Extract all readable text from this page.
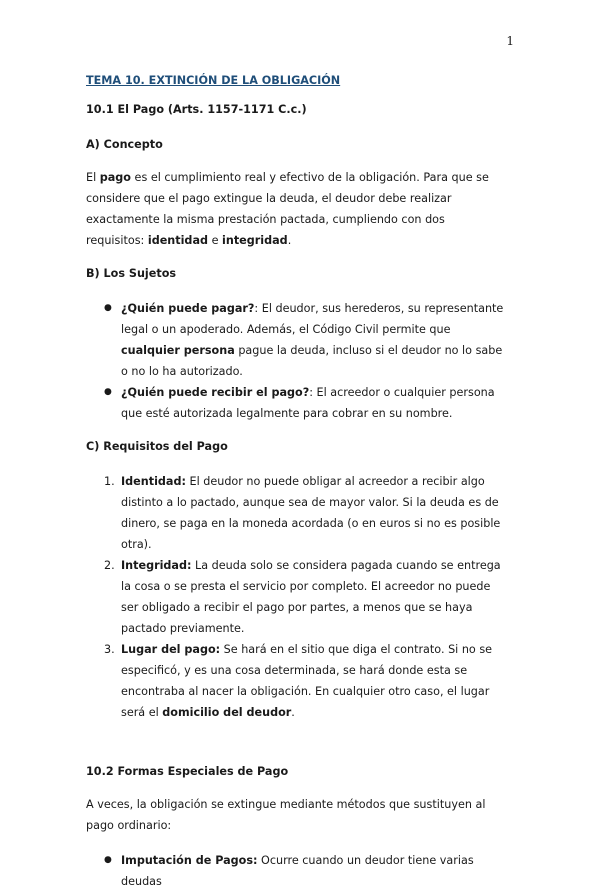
1

TEMA 10. EXTINCIÓN DE LA OBLIGACIÓN

10.1 El Pago (Arts. 1157-1171 C.c.)
A) Concepto

El pago es el cumplimiento real y efectivo de la obligación. Para que se considere que el pago extingue la deuda, el deudor debe realizar exactamente la misma prestación pactada, cumpliendo con dos requisitos: identidad e integridad.

B) Los Sujetos
● ¿Quién puede pagar?: El deudor, sus herederos, su representante legal o un apoderado. Además, el Código Civil permite que cualquier persona pague la deuda, incluso si el deudor no lo sabe o no lo ha autorizado.
● ¿Quién puede recibir el pago?: El acreedor o cualquier persona que esté autorizada legalmente para cobrar en su nombre.
C) Requisitos del Pago
1. Identidad: El deudor no puede obligar al acreedor a recibir algo distinto a lo pactado, aunque sea de mayor valor. Si la deuda es de dinero, se paga en la moneda acordada (o en euros si no es posible otra).
2. Integridad: La deuda solo se considera pagada cuando se entrega la cosa o se presta el servicio por completo. El acreedor no puede ser obligado a recibir el pago por partes, a menos que se haya pactado previamente.
3. Lugar del pago: Se hará en el sitio que diga el contrato. Si no se especificó, y es una cosa determinada, se hará donde esta se encontraba al nacer la obligación. En cualquier otro caso, el lugar será el domicilio del deudor.
10.2 Formas Especiales de Pago

A veces, la obligación se extingue mediante métodos que sustituyen al pago ordinario:

● Imputación de Pagos: Ocurre cuando un deudor tiene varias deudas
